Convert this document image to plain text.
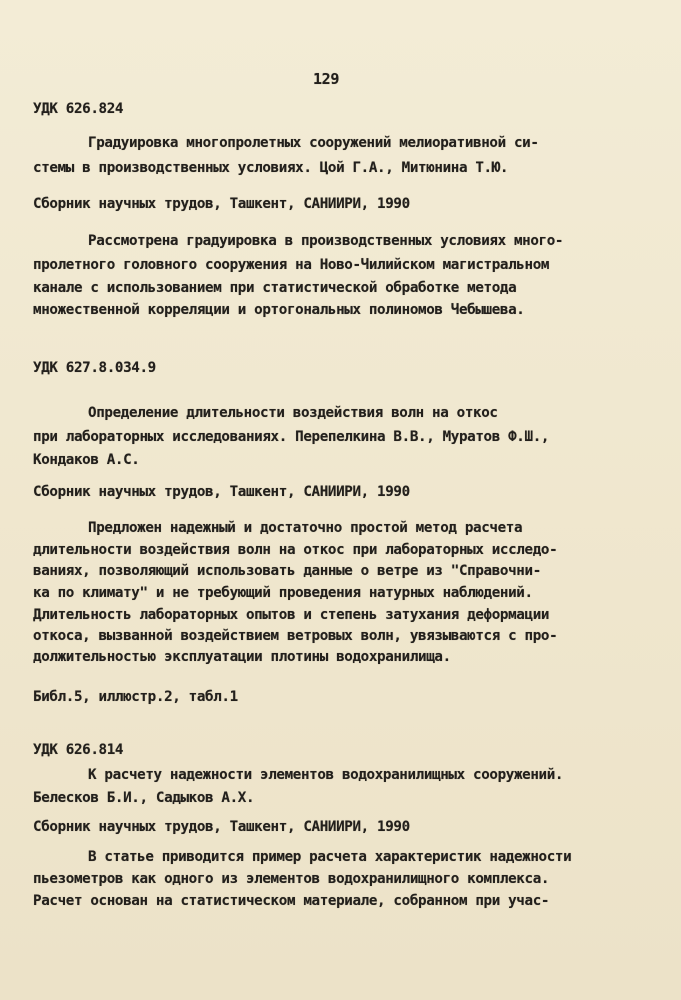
129
УДК 626.824
Градуировка многопролетных сооружений мелиоративной си-
стемы в производственных условиях. Цой Г.А., Митюнина Т.Ю.
Сборник научных трудов, Ташкент, САНИИРИ, 1990
Рассмотрена градуировка в производственных условиях много-
пролетного головного сооружения на Ново-Чилийском магистральном
канале с использованием при статистической обработке метода
множественной корреляции и ортогональных полиномов Чебышева.
УДК 627.8.034.9
Определение длительности воздействия волн на откос
при лабораторных исследованиях. Перепелкина В.В., Муратов Ф.Ш.,
Кондаков А.С.
Сборник научных трудов, Ташкент, САНИИРИ, 1990
Предложен надежный и достаточно простой метод расчета
длительности воздействия волн на откос при лабораторных исследо-
ваниях, позволяющий использовать данные о ветре из "Справочни-
ка по климату" и не требующий проведения натурных наблюдений.
Длительность лабораторных опытов и степень затухания деформации
откоса, вызванной воздействием ветровых волн, увязываются с про-
должительностью эксплуатации плотины водохранилища.
Библ.5, иллюстр.2, табл.1
УДК 626.814
К расчету надежности элементов водохранилищных сооружений.
Белесков Б.И., Садыков А.Х.
Сборник научных трудов, Ташкент, САНИИРИ, 1990
В статье приводится пример расчета характеристик надежности
пьезометров как одного из элементов водохранилищного комплекса.
Расчет основан на статистическом материале, собранном при учас-
